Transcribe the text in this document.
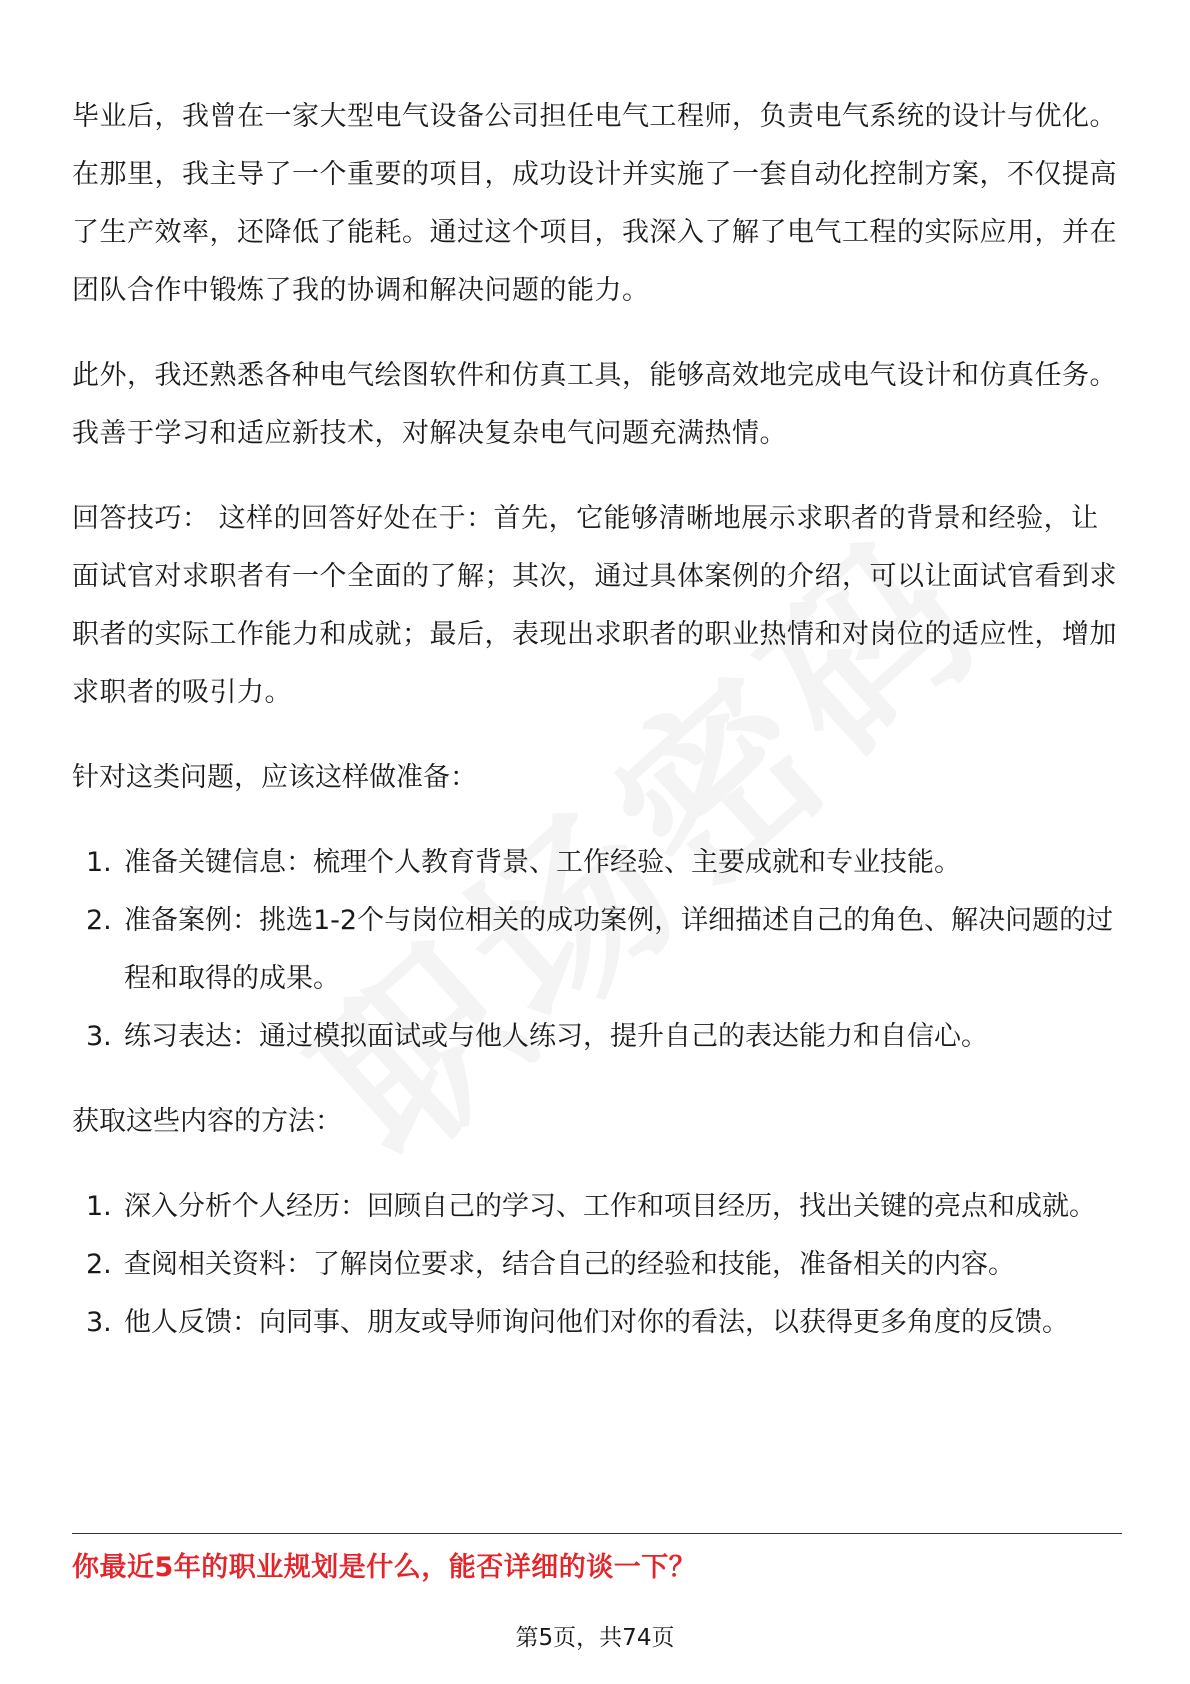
毕业后，我曾在一家大型电气设备公司担任电气工程师，负责电气系统的设计与优化。在那里，我主导了一个重要的项目，成功设计并实施了一套自动化控制方案，不仅提高了生产效率，还降低了能耗。通过这个项目，我深入了解了电气工程的实际应用，并在团队合作中锻炼了我的协调和解决问题的能力。

此外，我还熟悉各种电气绘图软件和仿真工具，能够高效地完成电气设计和仿真任务。我善于学习和适应新技术，对解决复杂电气问题充满热情。

回答技巧： 这样的回答好处在于：首先，它能够清晰地展示求职者的背景和经验，让面试官对求职者有一个全面的了解；其次，通过具体案例的介绍，可以让面试官看到求职者的实际工作能力和成就；最后，表现出求职者的职业热情和对岗位的适应性，增加求职者的吸引力。

针对这类问题，应该这样做准备：

1. 准备关键信息：梳理个人教育背景、工作经验、主要成就和专业技能。
2. 准备案例：挑选1-2个与岗位相关的成功案例，详细描述自己的角色、解决问题的过程和取得的成果。
3. 练习表达：通过模拟面试或与他人练习，提升自己的表达能力和自信心。

获取这些内容的方法：

1. 深入分析个人经历：回顾自己的学习、工作和项目经历，找出关键的亮点和成就。
2. 查阅相关资料：了解岗位要求，结合自己的经验和技能，准备相关的内容。
3. 他人反馈：向同事、朋友或导师询问他们对你的看法，以获得更多角度的反馈。
你最近5年的职业规划是什么，能否详细的谈一下？
第5页，共74页
